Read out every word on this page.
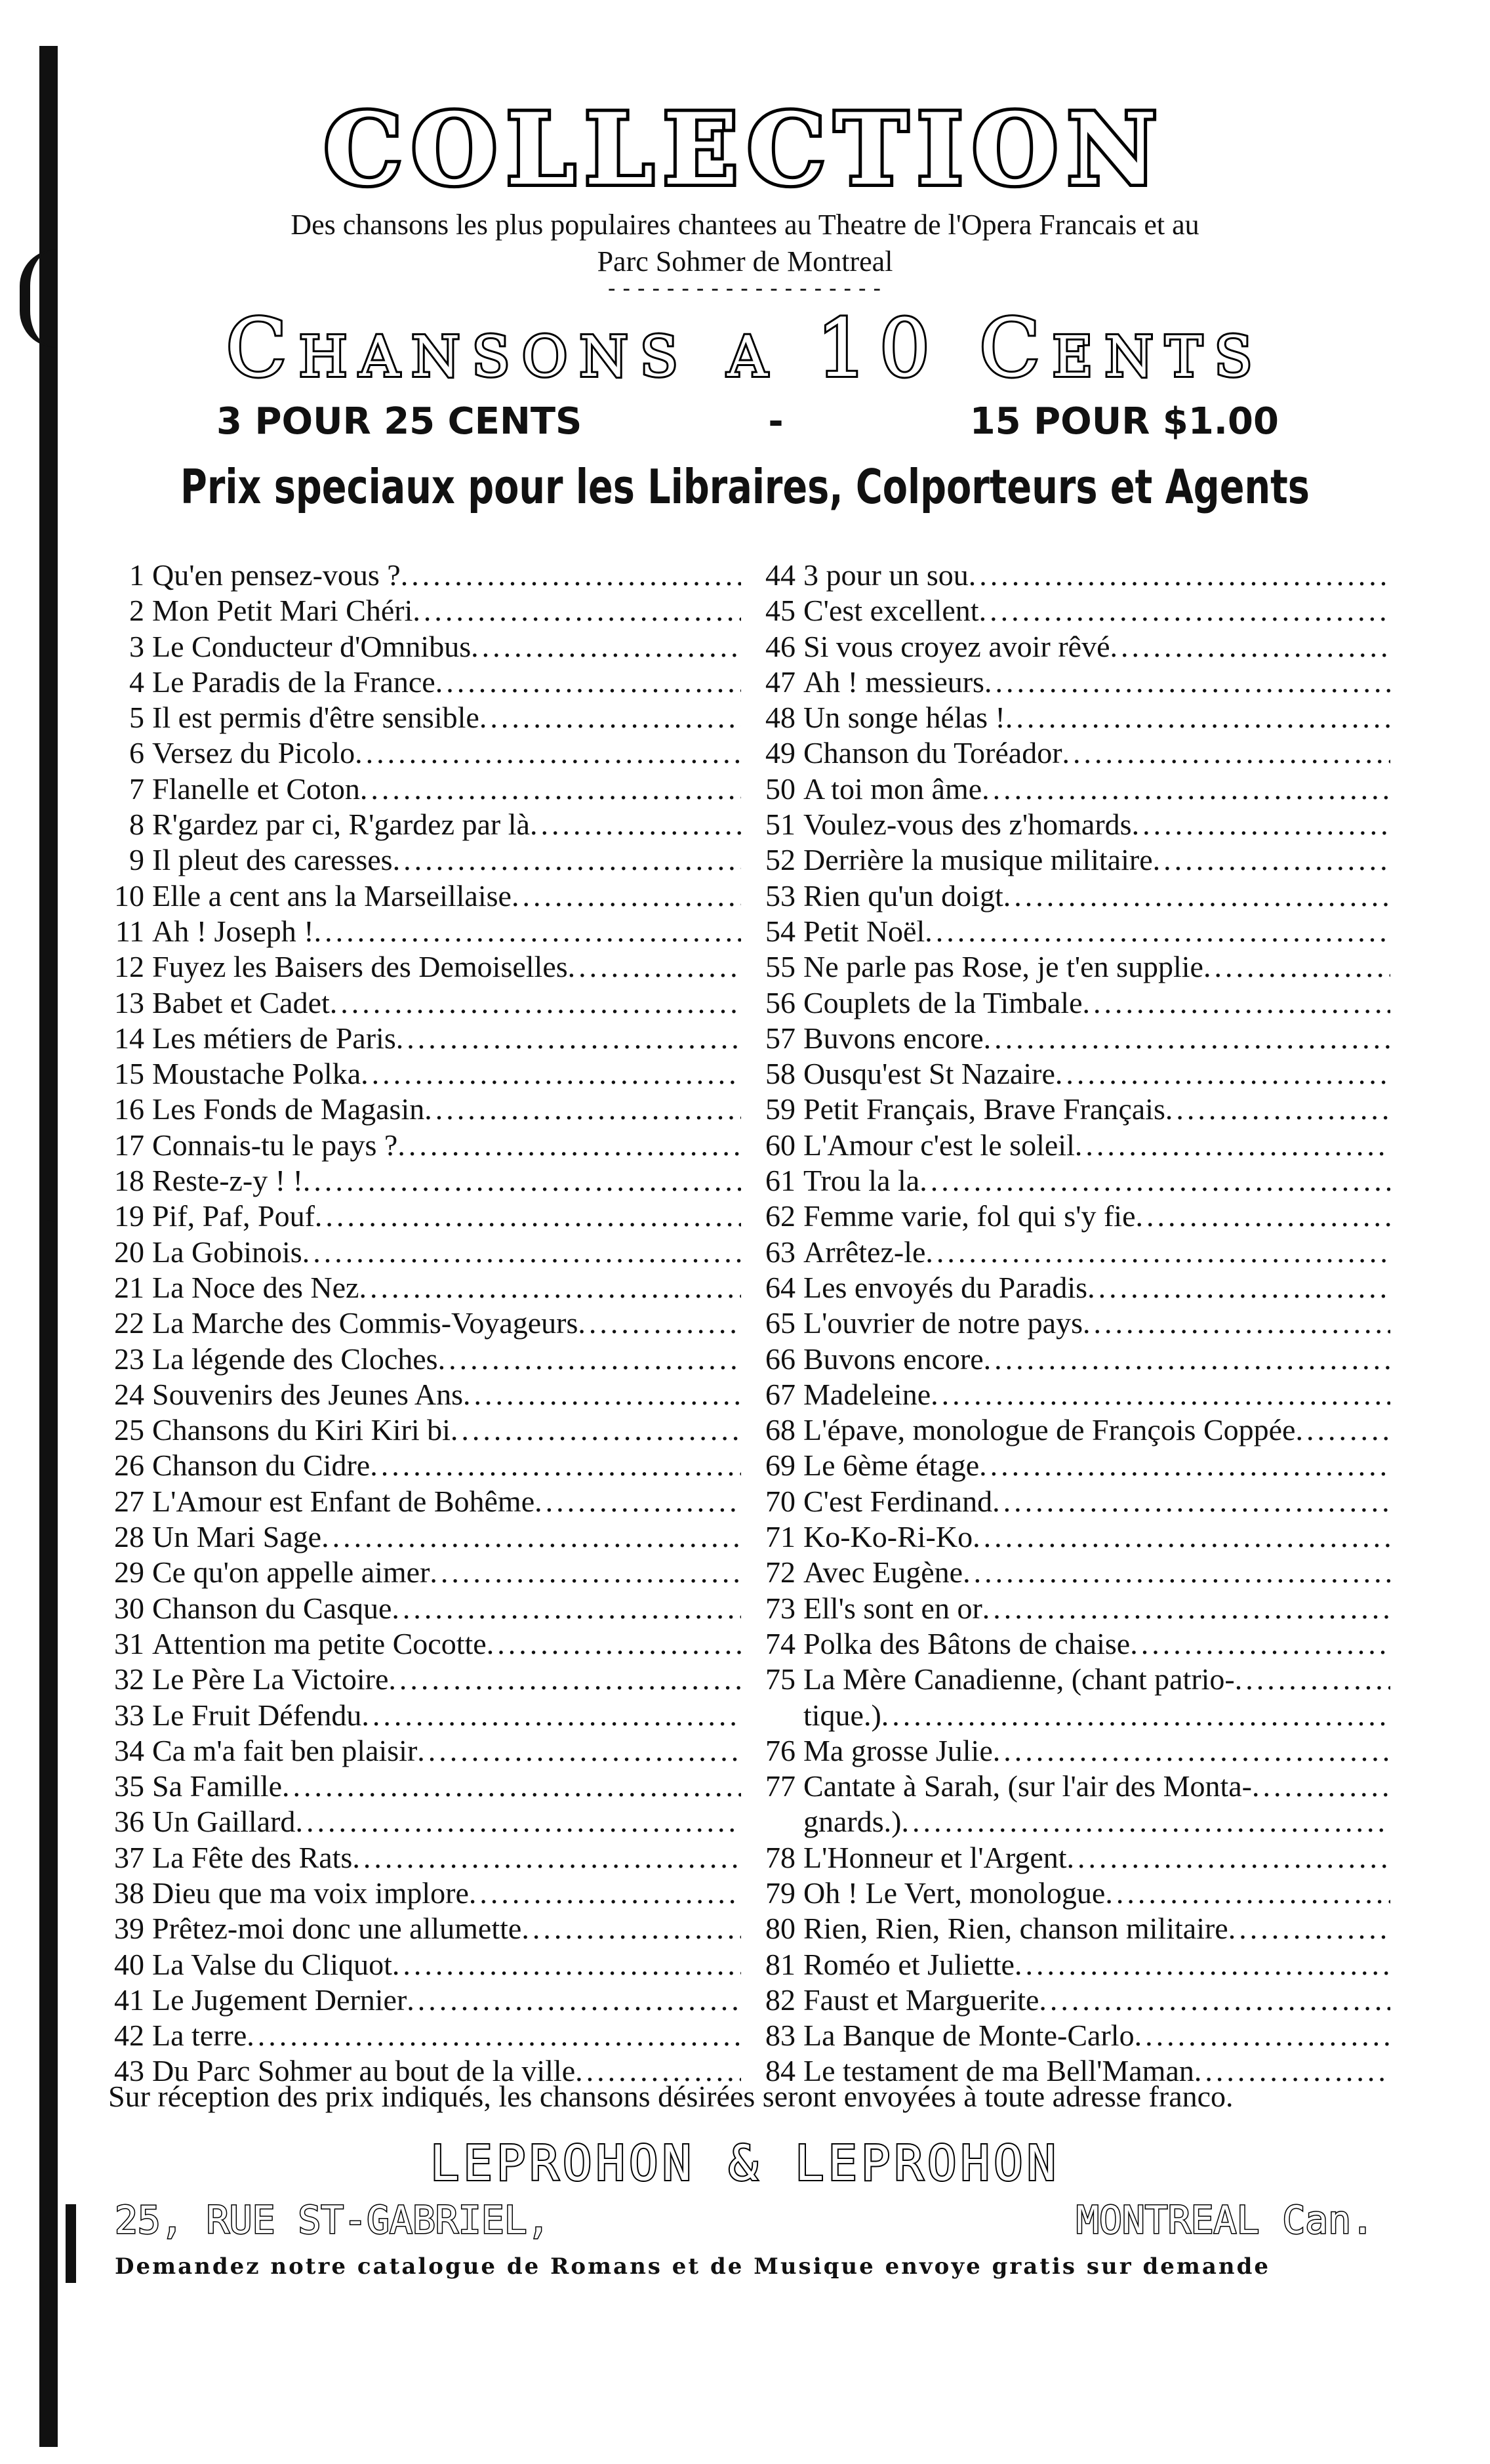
COLLECTION
Des chansons les plus populaires chantees au Theatre de l'Opera Francais et au
Parc Sohmer de Montreal
-------------------
Chansons a 10 Cents
3 POUR 25 CENTS	-	15 POUR $1.00
Prix speciaux pour les Libraires, Colporteurs et Agents
1 Qu'en pensez-vous ?
.....
2 Mon Petit Mari Chéri
.....
3 Le Conducteur d'Omnibus
.....
4 Le Paradis de la France
.....
5 Il est permis d'être sensible
.....
6 Versez du Picolo
.....
7 Flanelle et Coton
.....
8 R'gardez par ci, R'gardez par là
.....
9 Il pleut des caresses
.....
10 Elle a cent ans la Marseillaise
.....
11 Ah ! Joseph !
.....
12 Fuyez les Baisers des Demoiselles
.....
13 Babet et Cadet
.....
14 Les métiers de Paris
.....
15 Moustache Polka
.....
16 Les Fonds de Magasin
.....
17 Connais-tu le pays ?
.....
18 Reste-z-y ! !
.....
19 Pif, Paf, Pouf
.....
20 La Gobinois
.....
21 La Noce des Nez
.....
22 La Marche des Commis-Voyageurs
.....
23 La légende des Cloches
.....
24 Souvenirs des Jeunes Ans
.....
25 Chansons du Kiri Kiri bi
.....
26 Chanson du Cidre
.....
27 L'Amour est Enfant de Bohême
.....
28 Un Mari Sage
.....
29 Ce qu'on appelle aimer
.....
30 Chanson du Casque
.....
31 Attention ma petite Cocotte
.....
32 Le Père La Victoire
.....
33 Le Fruit Défendu
.....
34 Ca m'a fait ben plaisir
.....
35 Sa Famille
.....
36 Un Gaillard
.....
37 La Fête des Rats
.....
38 Dieu que ma voix implore
.....
39 Prêtez-moi donc une allumette
.....
40 La Valse du Cliquot
.....
41 Le Jugement Dernier
.....
42 La terre
.....
43 Du Parc Sohmer au bout de la ville
.....
44 3 pour un sou
.....
45 C'est excellent
.....
46 Si vous croyez avoir rêvé
.....
47 Ah ! messieurs
.....
48 Un songe hélas !
.....
49 Chanson du Toréador
.....
50 A toi mon âme
.....
51 Voulez-vous des z'homards
.....
52 Derrière la musique militaire
.....
53 Rien qu'un doigt
.....
54 Petit Noël
.....
55 Ne parle pas Rose, je t'en supplie
.....
56 Couplets de la Timbale
.....
57 Buvons encore
.....
58 Ousqu'est St Nazaire
.....
59 Petit Français, Brave Français
.....
60 L'Amour c'est le soleil
.....
61 Trou la la
.....
62 Femme varie, fol qui s'y fie
.....
63 Arrêtez-le
.....
64 Les envoyés du Paradis
.....
65 L'ouvrier de notre pays
.....
66 Buvons encore
.....
67 Madeleine
.....
68 L'épave, monologue de François Coppée
.....
69 Le 6ème étage
.....
70 C'est Ferdinand
.....
71 Ko-Ko-Ri-Ko
.....
72 Avec Eugène
.....
73 Ell's sont en or
.....
74 Polka des Bâtons de chaise
.....
75 La Mère Canadienne, (chant patrio-
.....
tique.)
.....
76 Ma grosse Julie
.....
77 Cantate à Sarah, (sur l'air des Monta-
.....
gnards.)
.....
78 L'Honneur et l'Argent
.....
79 Oh ! Le Vert, monologue
.....
80 Rien, Rien, Rien, chanson militaire
.....
81 Roméo et Juliette
.....
82 Faust et Marguerite
.....
83 La Banque de Monte-Carlo
.....
84 Le testament de ma Bell'Maman
.....
Sur réception des prix indiqués, les chansons désirées seront envoyées à toute adresse franco.
LEPROHON & LEPROHON
25, RUE ST-GABRIEL,	MONTREAL Can.
Demandez notre catalogue de Romans et de Musique envoye gratis sur demande
